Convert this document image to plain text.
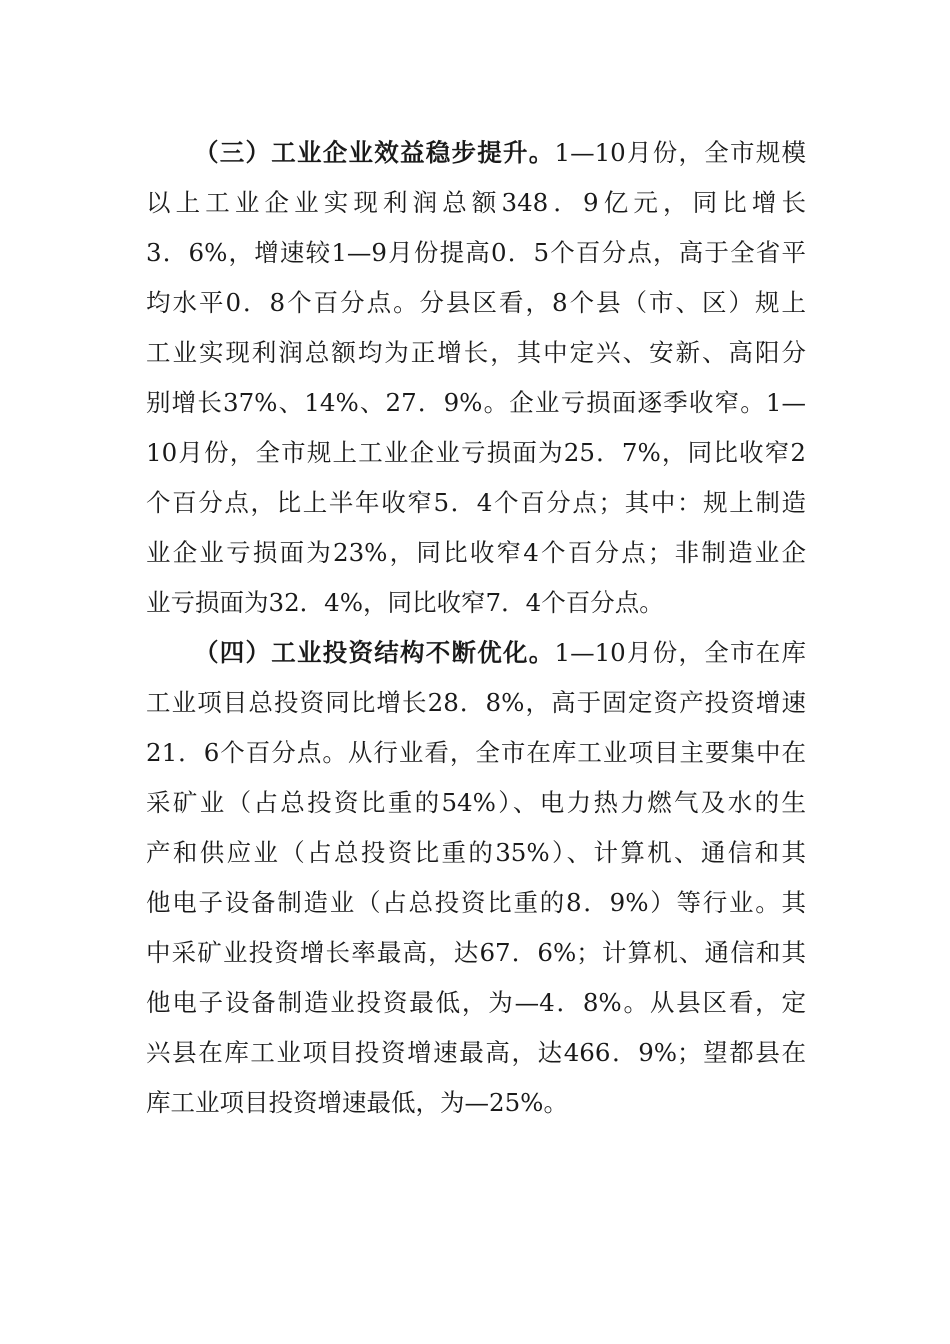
（三）工业企业效益稳步提升。1—10月份，全市规模
以上工业企业实现利润总额348．9亿元，同比增长
3．6%，增速较1—9月份提高0．5个百分点，高于全省平
均水平0．8个百分点。分县区看，8个县（市、区）规上
工业实现利润总额均为正增长，其中定兴、安新、高阳分
别增长37%、14%、27．9%。企业亏损面逐季收窄。1—
10月份，全市规上工业企业亏损面为25．7%，同比收窄2
个百分点，比上半年收窄5．4个百分点；其中：规上制造
业企业亏损面为23%，同比收窄4个百分点；非制造业企
业亏损面为32．4%，同比收窄7．4个百分点。
（四）工业投资结构不断优化。1—10月份，全市在库
工业项目总投资同比增长28．8%，高于固定资产投资增速
21．6个百分点。从行业看，全市在库工业项目主要集中在
采矿业（占总投资比重的54%）、电力热力燃气及水的生
产和供应业（占总投资比重的35%）、计算机、通信和其
他电子设备制造业（占总投资比重的8．9%）等行业。其
中采矿业投资增长率最高，达67．6%；计算机、通信和其
他电子设备制造业投资最低，为—4．8%。从县区看，定
兴县在库工业项目投资增速最高，达466．9%；望都县在
库工业项目投资增速最低，为—25%。
